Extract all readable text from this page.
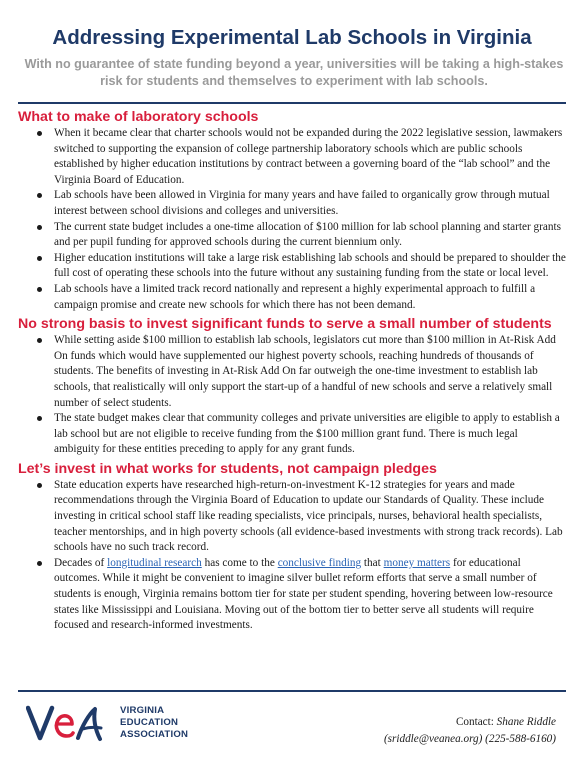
Addressing Experimental Lab Schools in Virginia

With no guarantee of state funding beyond a year, universities will be taking a high-stakes risk for students and themselves to experiment with lab schools.

What to make of laboratory schools
When it became clear that charter schools would not be expanded during the 2022 legislative session, lawmakers switched to supporting the expansion of college partnership laboratory schools which are public schools established by higher education institutions by contract between a governing board of the “lab school” and the Virginia Board of Education.
Lab schools have been allowed in Virginia for many years and have failed to organically grow through mutual interest between school divisions and colleges and universities.
The current state budget includes a one-time allocation of $100 million for lab school planning and starter grants and per pupil funding for approved schools during the current biennium only.
Higher education institutions will take a large risk establishing lab schools and should be prepared to shoulder the full cost of operating these schools into the future without any sustaining funding from the state or local level.
Lab schools have a limited track record nationally and represent a highly experimental approach to fulfill a campaign promise and create new schools for which there has not been demand.
No strong basis to invest significant funds to serve a small number of students
While setting aside $100 million to establish lab schools, legislators cut more than $100 million in At-Risk Add On funds which would have supplemented our highest poverty schools, reaching hundreds of thousands of students. The benefits of investing in At-Risk Add On far outweigh the one-time investment to establish lab schools, that realistically will only support the start-up of a handful of new schools and serve a relatively small number of select students.
The state budget makes clear that community colleges and private universities are eligible to apply to establish a lab school but are not eligible to receive funding from the $100 million grant fund. There is much legal ambiguity for these entities preceding to apply for any grant funds.
Let’s invest in what works for students, not campaign pledges
State education experts have researched high-return-on-investment K-12 strategies for years and made recommendations through the Virginia Board of Education to update our Standards of Quality. These include investing in critical school staff like reading specialists, vice principals, nurses, behavioral health specialists, teacher mentorships, and in high poverty schools (all evidence-based investments with strong track records). Lab schools have no such track record.
Decades of longitudinal research has come to the conclusive finding that money matters for educational outcomes. While it might be convenient to imagine silver bullet reform efforts that serve a small number of students is enough, Virginia remains bottom tier for state per student spending, hovering between low-resource states like Mississippi and Louisiana. Moving out of the bottom tier to better serve all students will require focused and research-informed investments.
VIRGINIA
EDUCATION
ASSOCIATION
Contact: Shane Riddle
(sriddle@veanea.org) (225-588-6160)
